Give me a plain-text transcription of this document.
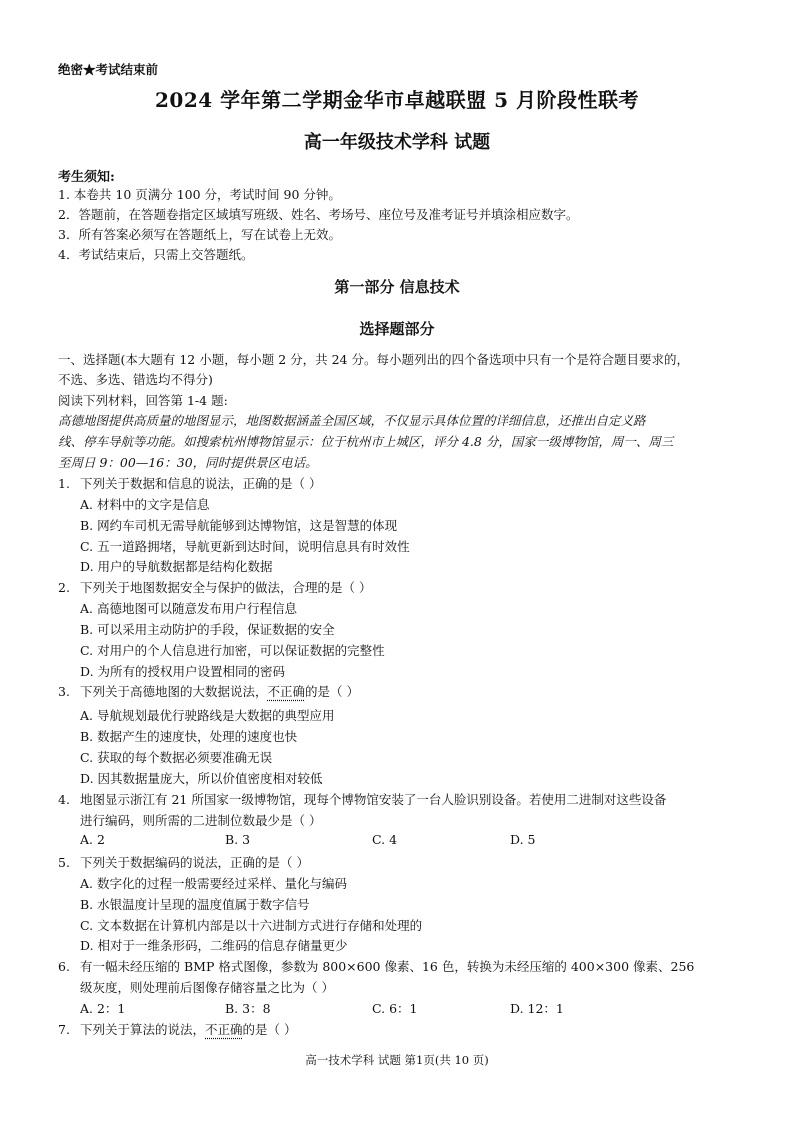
绝密★考试结束前
2024 学年第二学期金华市卓越联盟 5 月阶段性联考
高一年级技术学科 试题
考生须知:
1. 本卷共 10 页满分 100 分，考试时间 90 分钟。
2．答题前，在答题卷指定区域填写班级、姓名、考场号、座位号及准考证号并填涂相应数字。
3．所有答案必须写在答题纸上，写在试卷上无效。
4．考试结束后，只需上交答题纸。
第一部分 信息技术
选择题部分
一、选择题(本大题有 12 小题，每小题 2 分，共 24 分。每小题列出的四个备选项中只有一个是符合题目要求的，
不选、多选、错选均不得分)
阅读下列材料，回答第 1-4 题:
高德地图提供高质量的地图显示，地图数据涵盖全国区域，不仅显示具体位置的详细信息，还推出自定义路
线、停车导航等功能。如搜索杭州博物馆显示：位于杭州市上城区，评分 4.8 分，国家一级博物馆，周一、周三
至周日 9：00—16：30，同时提供景区电话。
1. 下列关于数据和信息的说法，正确的是（ ）
A. 材料中的文字是信息
B. 网约车司机无需导航能够到达博物馆，这是智慧的体现
C. 五一道路拥堵，导航更新到达时间，说明信息具有时效性
D. 用户的导航数据都是结构化数据
2. 下列关于地图数据安全与保护的做法，合理的是（ ）
A. 高德地图可以随意发布用户行程信息
B. 可以采用主动防护的手段，保证数据的安全
C. 对用户的个人信息进行加密，可以保证数据的完整性
D. 为所有的授权用户设置相同的密码
3. 下列关于高德地图的大数据说法，不正确的是（ ）
A. 导航规划最优行驶路线是大数据的典型应用
B. 数据产生的速度快，处理的速度也快
C. 获取的每个数据必须要准确无误
D. 因其数据量庞大，所以价值密度相对较低
4. 地图显示浙江有 21 所国家一级博物馆，现每个博物馆安装了一台人脸识别设备。若使用二进制对这些设备
进行编码，则所需的二进制位数最少是（ ）
A. 2	B. 3	C. 4	D. 5
5. 下列关于数据编码的说法，正确的是（ ）
A. 数字化的过程一般需要经过采样、量化与编码
B. 水银温度计呈现的温度值属于数字信号
C. 文本数据在计算机内部是以十六进制方式进行存储和处理的
D. 相对于一维条形码，二维码的信息存储量更少
6. 有一幅未经压缩的 BMP 格式图像，参数为 800×600 像素、16 色，转换为未经压缩的 400×300 像素、256
级灰度，则处理前后图像存储容量之比为（ ）
A. 2：1	B. 3：8	C. 6：1	D. 12：1
7. 下列关于算法的说法，不正确的是（ ）
高一技术学科 试题 第1页(共 10 页)
